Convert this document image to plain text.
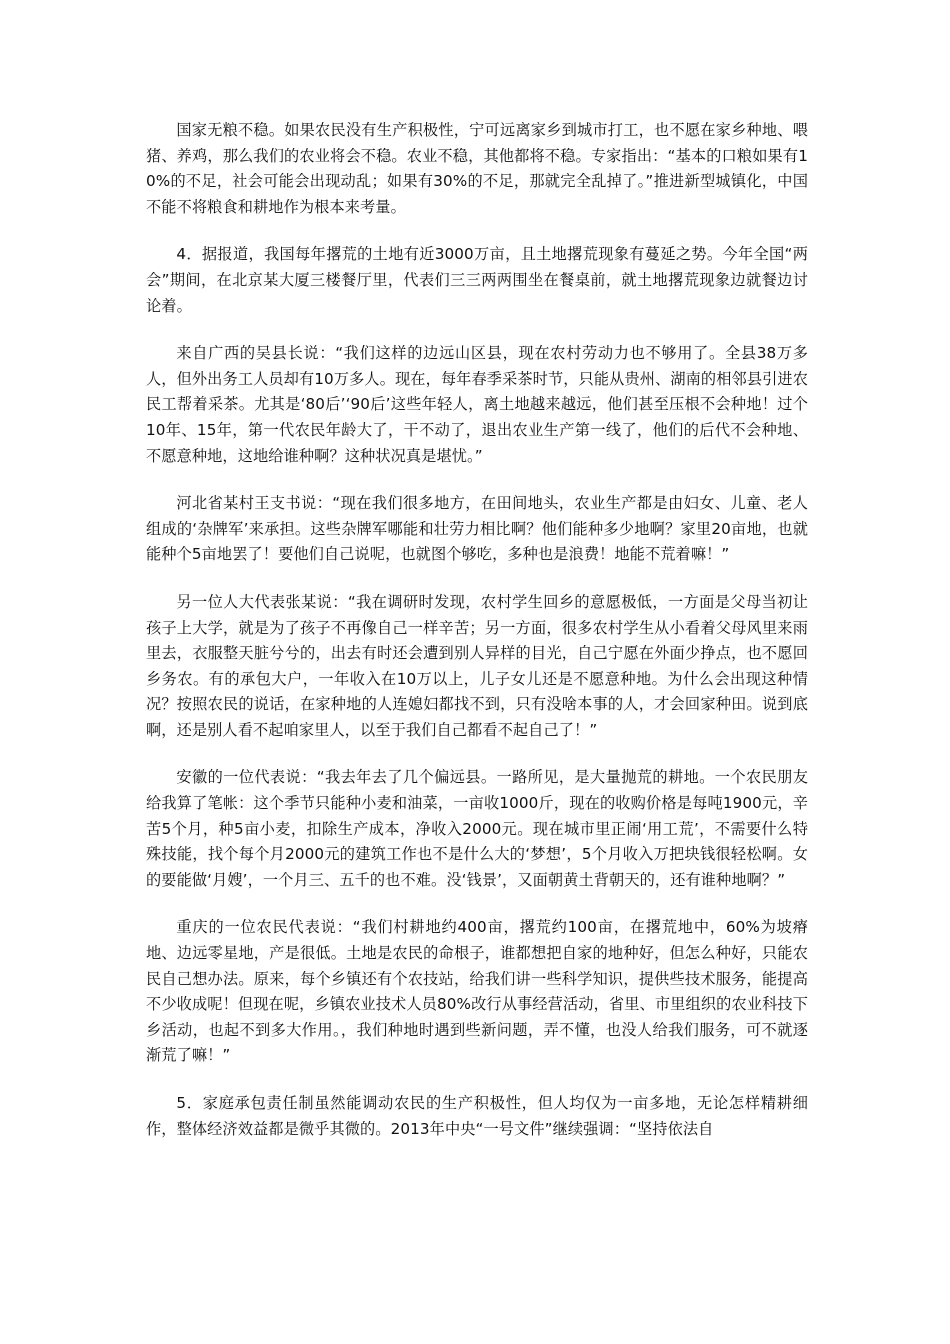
国家无粮不稳。如果农民没有生产积极性，宁可远离家乡到城市打工，也不愿在家乡种地、喂猪、养鸡，那么我们的农业将会不稳。农业不稳，其他都将不稳。专家指出：“基本的口粮如果有10%的不足，社会可能会出现动乱；如果有30%的不足，那就完全乱掉了。”推进新型城镇化，中国不能不将粮食和耕地作为根本来考量。

4．据报道，我国每年撂荒的土地有近3000万亩，且土地撂荒现象有蔓延之势。今年全国“两会”期间，在北京某大厦三楼餐厅里，代表们三三两两围坐在餐桌前，就土地撂荒现象边就餐边讨论着。

来自广西的吴县长说：“我们这样的边远山区县，现在农村劳动力也不够用了。全县38万多人，但外出务工人员却有10万多人。现在，每年春季采茶时节，只能从贵州、湖南的相邻县引进农民工帮着采茶。尤其是‘80后’‘90后’这些年轻人，离土地越来越远，他们甚至压根不会种地！过个10年、15年，第一代农民年龄大了，干不动了，退出农业生产第一线了，他们的后代不会种地、不愿意种地，这地给谁种啊？这种状况真是堪忧。”

河北省某村王支书说：“现在我们很多地方，在田间地头，农业生产都是由妇女、儿童、老人组成的‘杂牌军’来承担。这些杂牌军哪能和壮劳力相比啊？他们能种多少地啊？家里20亩地，也就能种个5亩地罢了！要他们自己说呢，也就图个够吃，多种也是浪费！地能不荒着嘛！”

另一位人大代表张某说：“我在调研时发现，农村学生回乡的意愿极低，一方面是父母当初让孩子上大学，就是为了孩子不再像自己一样辛苦；另一方面，很多农村学生从小看着父母风里来雨里去，衣服整天脏兮兮的，出去有时还会遭到别人异样的目光，自己宁愿在外面少挣点，也不愿回乡务农。有的承包大户，一年收入在10万以上，儿子女儿还是不愿意种地。为什么会出现这种情况？按照农民的说话，在家种地的人连媳妇都找不到，只有没啥本事的人，才会回家种田。说到底啊，还是别人看不起咱家里人，以至于我们自己都看不起自己了！”

安徽的一位代表说：“我去年去了几个偏远县。一路所见，是大量抛荒的耕地。一个农民朋友给我算了笔帐：这个季节只能种小麦和油菜，一亩收1000斤，现在的收购价格是每吨1900元，辛苦5个月，种5亩小麦，扣除生产成本，净收入2000元。现在城市里正闹‘用工荒’，不需要什么特殊技能，找个每个月2000元的建筑工作也不是什么大的‘梦想’，5个月收入万把块钱很轻松啊。女的要能做‘月嫂’，一个月三、五千的也不难。没‘钱景’，又面朝黄土背朝天的，还有谁种地啊？”

重庆的一位农民代表说：“我们村耕地约400亩，撂荒约100亩，在撂荒地中，60%为坡瘠地、边远零星地，产是很低。土地是农民的命根子，谁都想把自家的地种好，但怎么种好，只能农民自己想办法。原来，每个乡镇还有个农技站，给我们讲一些科学知识，提供些技术服务，能提高不少收成呢！但现在呢，乡镇农业技术人员80%改行从事经营活动，省里、市里组织的农业科技下乡活动，也起不到多大作用。，我们种地时遇到些新问题，弄不懂，也没人给我们服务，可不就逐渐荒了嘛！”

5．家庭承包责任制虽然能调动农民的生产积极性，但人均仅为一亩多地，无论怎样精耕细作，整体经济效益都是微乎其微的。2013年中央“一号文件”继续强调：“坚持依法自
